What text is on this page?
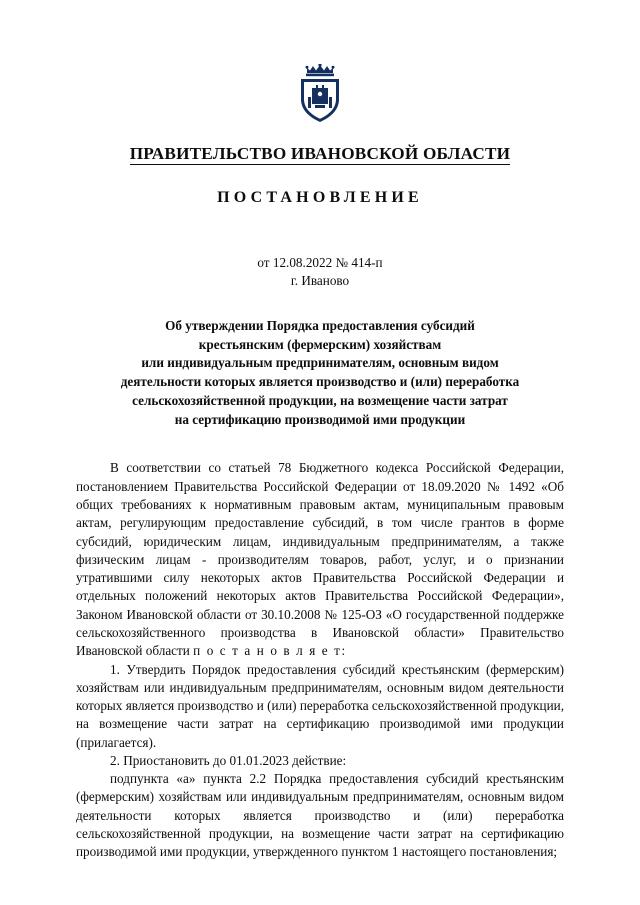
ПРАВИТЕЛЬСТВО ИВАНОВСКОЙ ОБЛАСТИ
ПОСТАНОВЛЕНИЕ
от 12.08.2022 № 414-п
г. Иваново
Об утверждении Порядка предоставления субсидий
крестьянским (фермерским) хозяйствам
или индивидуальным предпринимателям, основным видом
деятельности которых является производство и (или) переработка
сельскохозяйственной продукции, на возмещение части затрат
на сертификацию производимой ими продукции

В соответствии со статьей 78 Бюджетного кодекса Российской Федерации, постановлением Правительства Российской Федерации от 18.09.2020 № 1492 «Об общих требованиях к нормативным правовым актам, муниципальным правовым актам, регулирующим предоставление субсидий, в том числе грантов в форме субсидий, юридическим лицам, индивидуальным предпринимателям, а также физическим лицам - производителям товаров, работ, услуг, и о признании утратившими силу некоторых актов Правительства Российской Федерации и отдельных положений некоторых актов Правительства Российской Федерации», Законом Ивановской области от 30.10.2008 № 125-ОЗ «О государственной поддержке сельскохозяйственного производства в Ивановской области» Правительство Ивановской области п о с т а н о в л я е т:

1. Утвердить Порядок предоставления субсидий крестьянским (фермерским) хозяйствам или индивидуальным предпринимателям, основным видом деятельности которых является производство и (или) переработка сельскохозяйственной продукции, на возмещение части затрат на сертификацию производимой ими продукции (прилагается).

2. Приостановить до 01.01.2023 действие:

подпункта «а» пункта 2.2 Порядка предоставления субсидий крестьянским (фермерским) хозяйствам или индивидуальным предпринимателям, основным видом деятельности которых является производство и (или) переработка сельскохозяйственной продукции, на возмещение части затрат на сертификацию производимой ими продукции, утвержденного пунктом 1 настоящего постановления;
